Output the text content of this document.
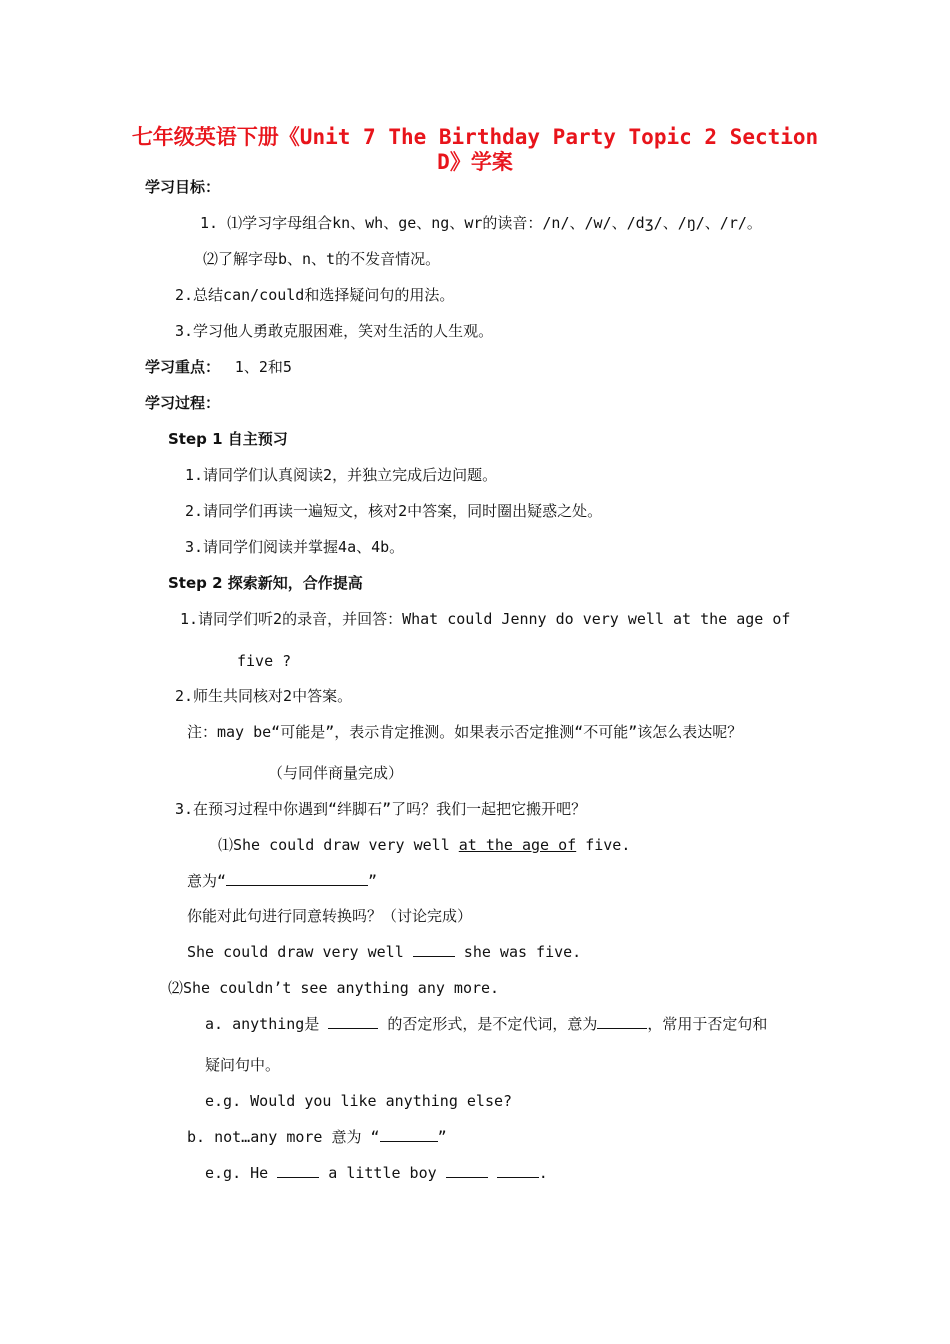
七年级英语下册《Unit 7 The Birthday Party Topic 2 Section
D》学案
学习目标：
1. ⑴学习字母组合kn、wh、ge、ng、wr的读音：/n/、/w/、/dʒ/、/ŋ/、/r/。
⑵了解字母b、n、t的不发音情况。
2.总结can/could和选择疑问句的用法。
3.学习他人勇敢克服困难，笑对生活的人生观。
学习重点： 1、2和5
学习过程：
Step 1 自主预习
1.请同学们认真阅读2，并独立完成后边问题。
2.请同学们再读一遍短文，核对2中答案，同时圈出疑惑之处。
3.请同学们阅读并掌握4a、4b。
Step 2 探索新知，合作提高
1.请同学们听2的录音，并回答：What could Jenny do very well at the age of
five ?
2.师生共同核对2中答案。
注：may be“可能是”，表示肯定推测。如果表示否定推测“不可能”该怎么表达呢？
（与同伴商量完成）
3.在预习过程中你遇到“绊脚石”了吗？我们一起把它搬开吧？
⑴She could draw very well at the age of five.
意为“	”
你能对此句进行同意转换吗？（讨论完成）
She could draw very well	she was five.
⑵She couldn’t see anything any more.
a. anything是	的否定形式，是不定代词，意为	，常用于否定句和
疑问句中。
e.g. Would you like anything else?
b. not…any more 意为 “	”
e.g. He	a little boy	.
